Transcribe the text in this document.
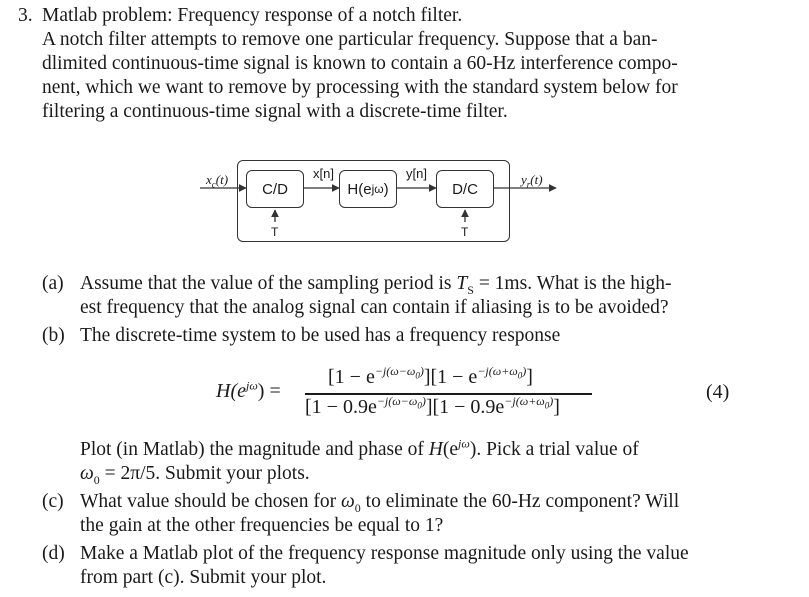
3. Matlab problem: Frequency response of a notch filter.
A notch filter attempts to remove one particular frequency. Suppose that a ban-
dlimited continuous-time signal is known to contain a 60-Hz interference compo-
nent, which we want to remove by processing with the standard system below for
filtering a continuous-time signal with a discrete-time filter.
C/D	H(e jω )	D/C
$x_c(t)$	x[n]	y[n]	$y_r(t)$
T	T
(a) Assume that the value of the sampling period is $T_S = 1ms$. What is the high-
est frequency that the analog signal can contain if aliasing is to be avoided?
(b) The discrete-time system to be used has a frequency response
$H(e^{j\omega})$ =
$[1 - e^{-j(\omega-\omega_0)}][1 - e^{-j(\omega+\omega_0)}]$
$[1 - 0.9e^{-j(\omega-\omega_0)}][1 - 0.9e^{-j(\omega+\omega_0)}]$
(4)
Plot (in Matlab) the magnitude and phase of $H(e^{j\omega})$. Pick a trial value of
$\omega_0 = 2\pi/5$. Submit your plots.
(c) What value should be chosen for $\omega_0$ to eliminate the 60-Hz component? Will
the gain at the other frequencies be equal to 1?
(d) Make a Matlab plot of the frequency response magnitude only using the value
from part (c). Submit your plot.
